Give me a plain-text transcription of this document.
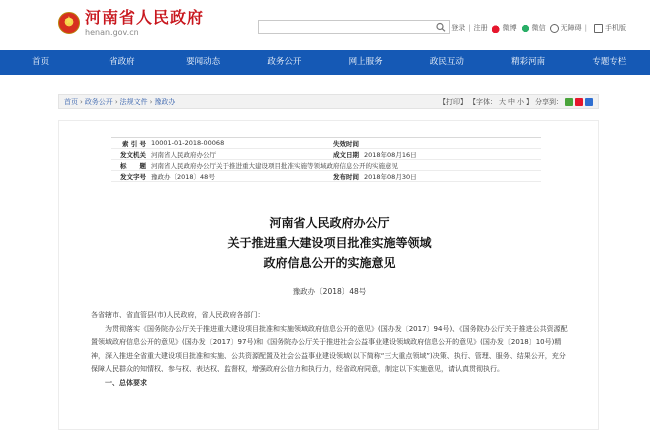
★
河南省人民政府
henan.gov.cn	登录 | 注册 微博 微信 无障碍 |	手机版
首页	省政府	要闻动态	政务公开	网上服务	政民互动	精彩河南	专题专栏
首页 › 政务公开 › 法规文件 › 豫政办	【打印】 【字体： 大 中 小 】 分享到：
索 引 号 10001-01-2018-00068	失效时间
发文机关 河南省人民政府办公厅	成文日期 2018年08月16日
标　　题 河南省人民政府办公厅关于推进重大建设项目批准实施等领域政府信息公开的实施意见
发文字号 豫政办〔2018〕48号	发布时间 2018年08月30日
河南省人民政府办公厅
关于推进重大建设项目批准实施等领域
政府信息公开的实施意见
豫政办〔2018〕48号

各省辖市、省直管县(市)人民政府，省人民政府各部门：

为贯彻落实《国务院办公厅关于推进重大建设项目批准和实施领域政府信息公开的意见》(国办发〔2017〕94号)、《国务院办公厅关于推进公共资源配置领域政府信息公开的意见》(国办发〔2017〕97号)和《国务院办公厅关于推进社会公益事业建设领域政府信息公开的意见》(国办发〔2018〕10号)精神，深入推进全省重大建设项目批准和实施、公共资源配置及社会公益事业建设领域(以下简称“三大重点领域”)决策、执行、管理、服务、结果公开，充分保障人民群众的知情权、参与权、表达权、监督权，增强政府公信力和执行力，经省政府同意，制定以下实施意见，请认真贯彻执行。

一、总体要求
